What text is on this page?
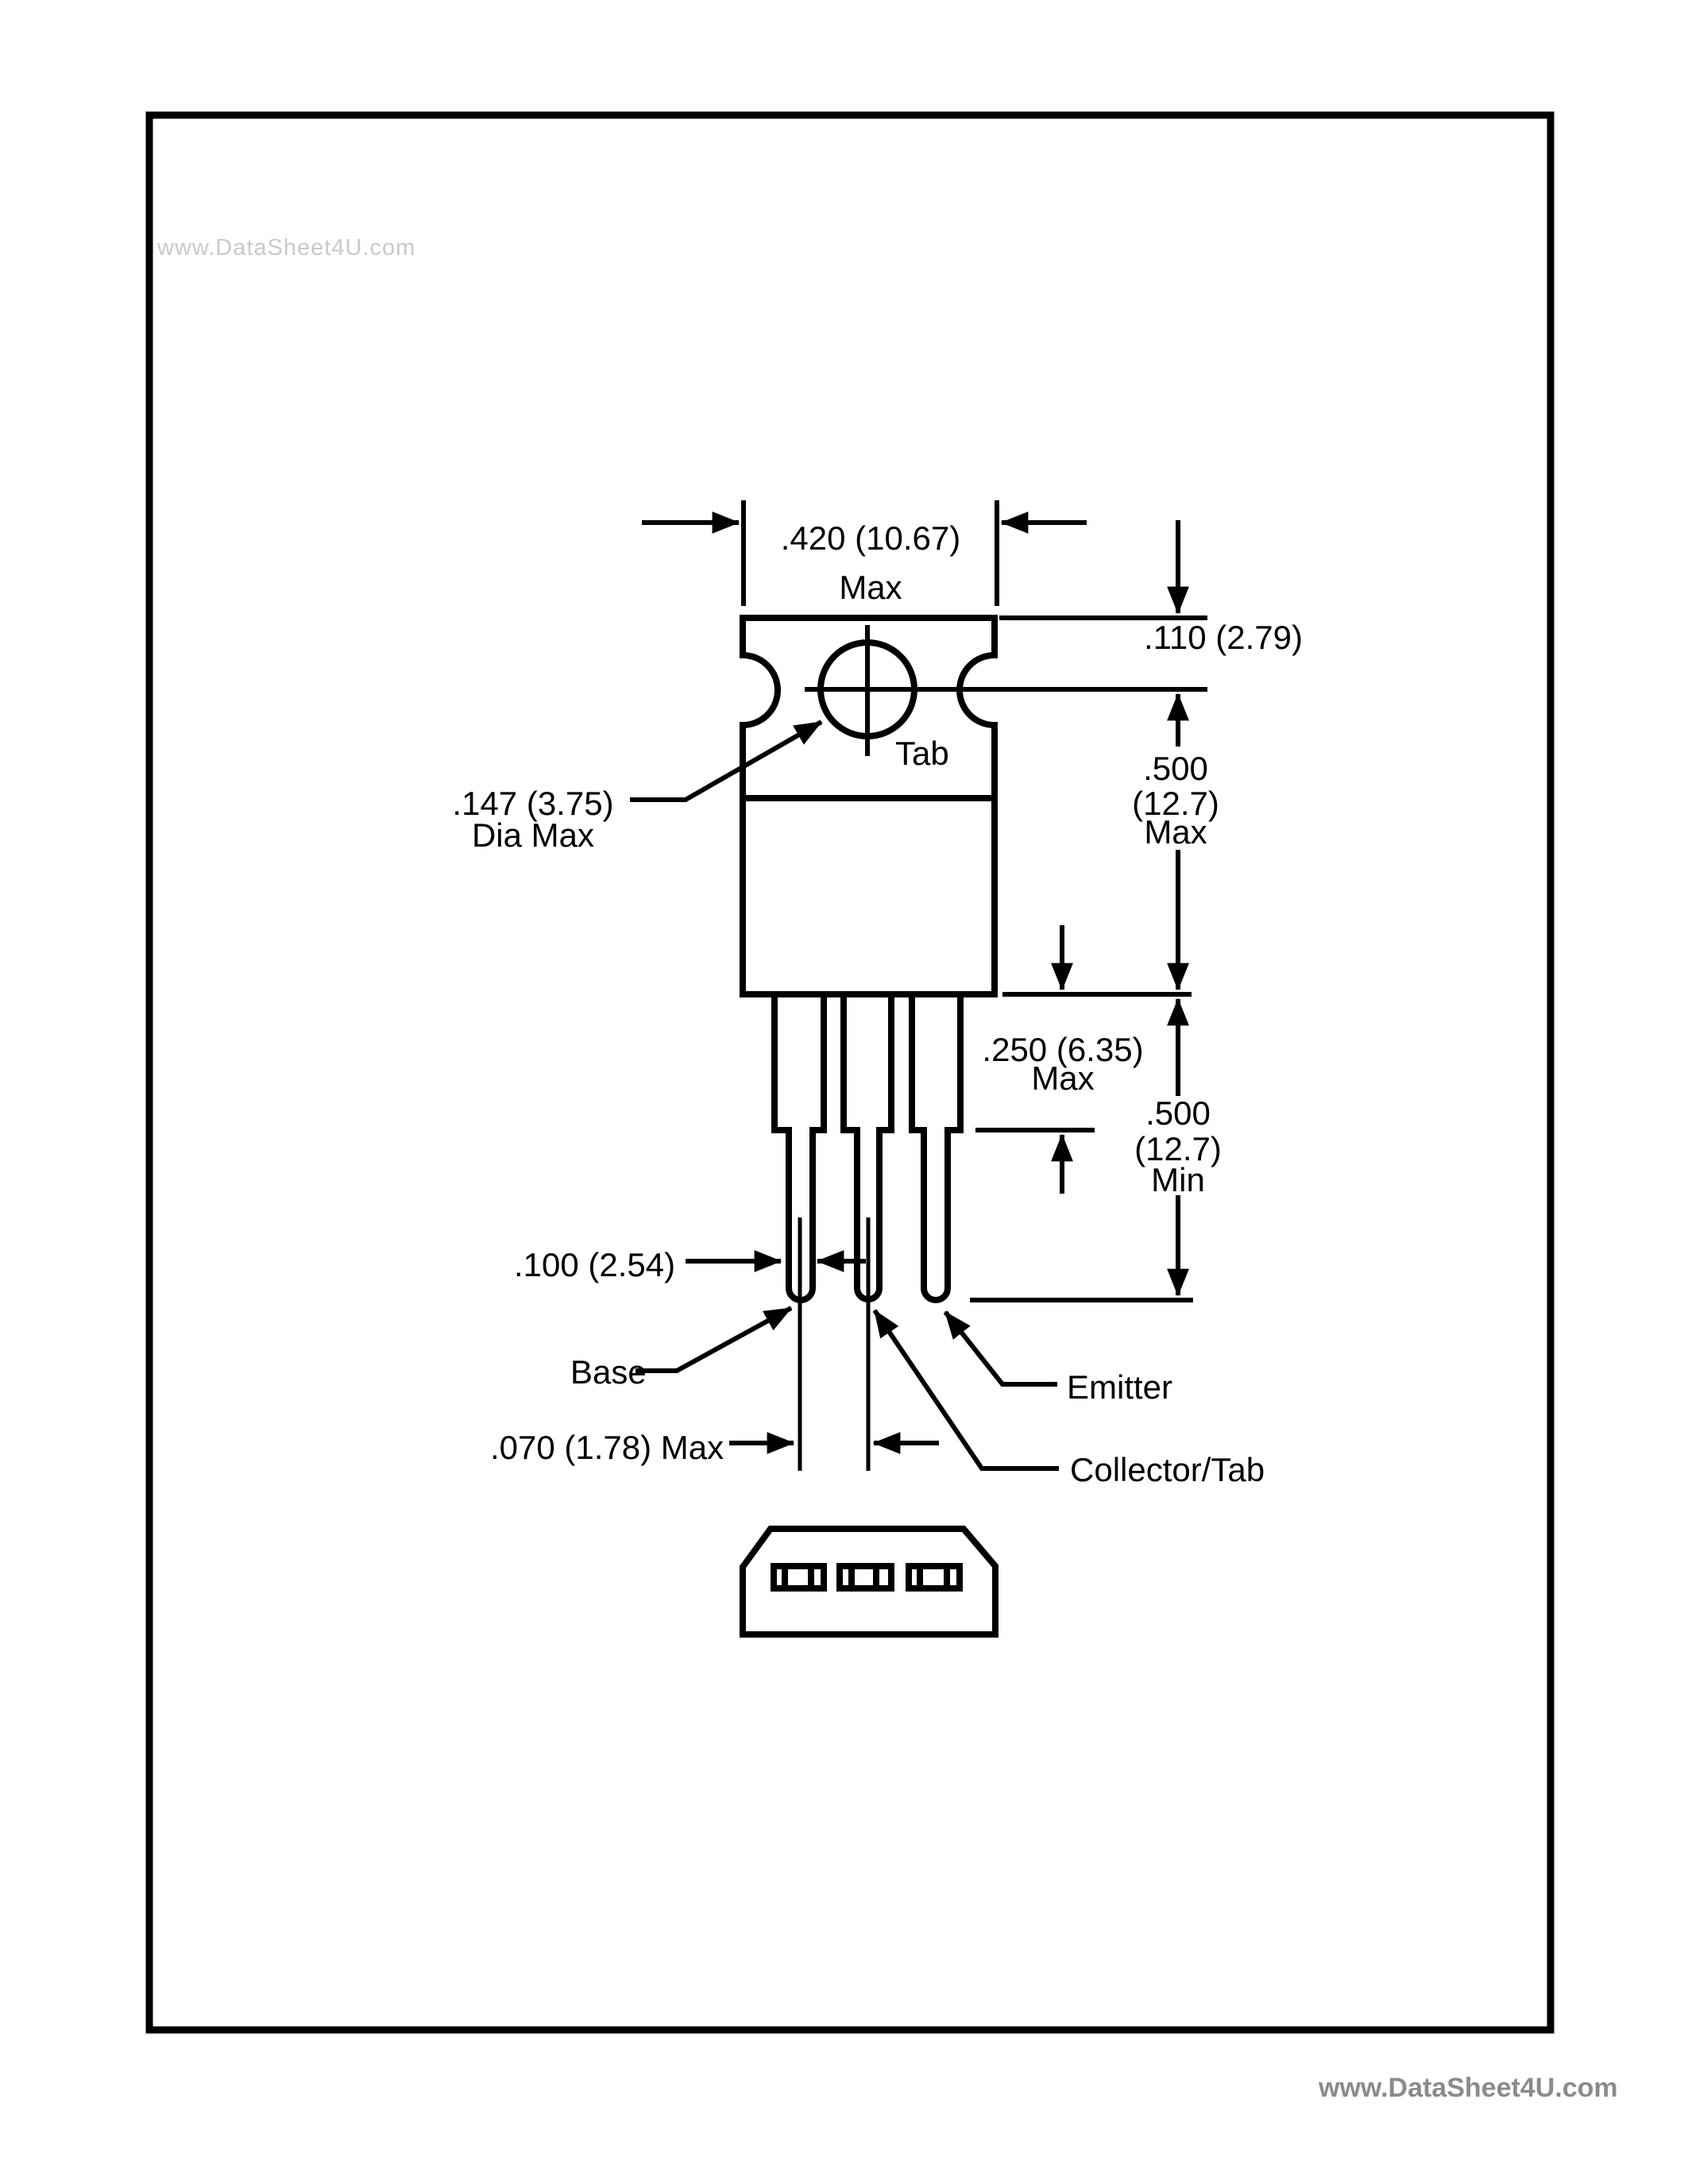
www.DataSheet4U.com
www.DataSheet4U.com
.420 (10.67)
Max
.110 (2.79)
Tab
.147 (3.75)
Dia Max
.500
(12.7)
Max
.250 (6.35)
Max
.500
(12.7)
Min
.100 (2.54)
Base	Emitter
.070 (1.78) Max
Collector/Tab
